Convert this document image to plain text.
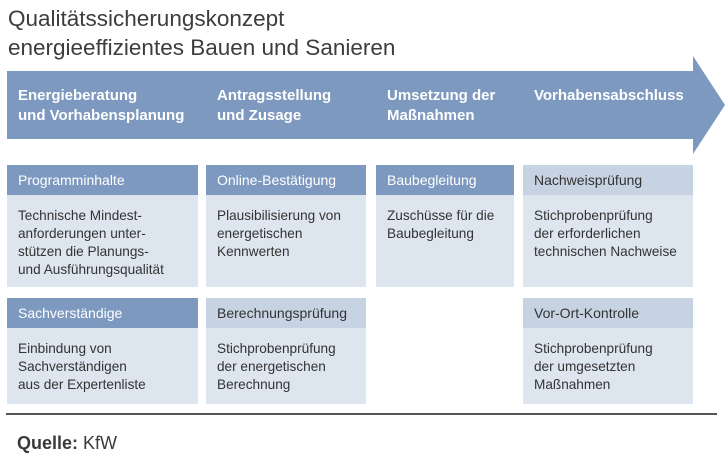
Qualitätssicherungskonzept
energieeffizientes Bauen und Sanieren
Energieberatung
und Vorhabensplanung
Antragsstellung
und Zusage
Umsetzung der
Maßnahmen
Vorhabensabschluss
Programminhalte
Technische Mindest-
anforderungen unter-
stützen die Planungs-
und Ausführungsqualität
Online-Bestätigung
Plausibilisierung von
energetischen
Kennwerten
Baubegleitung
Zuschüsse für die
Baubegleitung
Nachweisprüfung
Stichprobenprüfung
der erforderlichen
technischen Nachweise
Sachverständige
Einbindung von
Sachverständigen
aus der Expertenliste
Berechnungsprüfung
Stichprobenprüfung
der energetischen
Berechnung
Vor-Ort-Kontrolle
Stichprobenprüfung
der umgesetzten
Maßnahmen
Quelle: KfW
